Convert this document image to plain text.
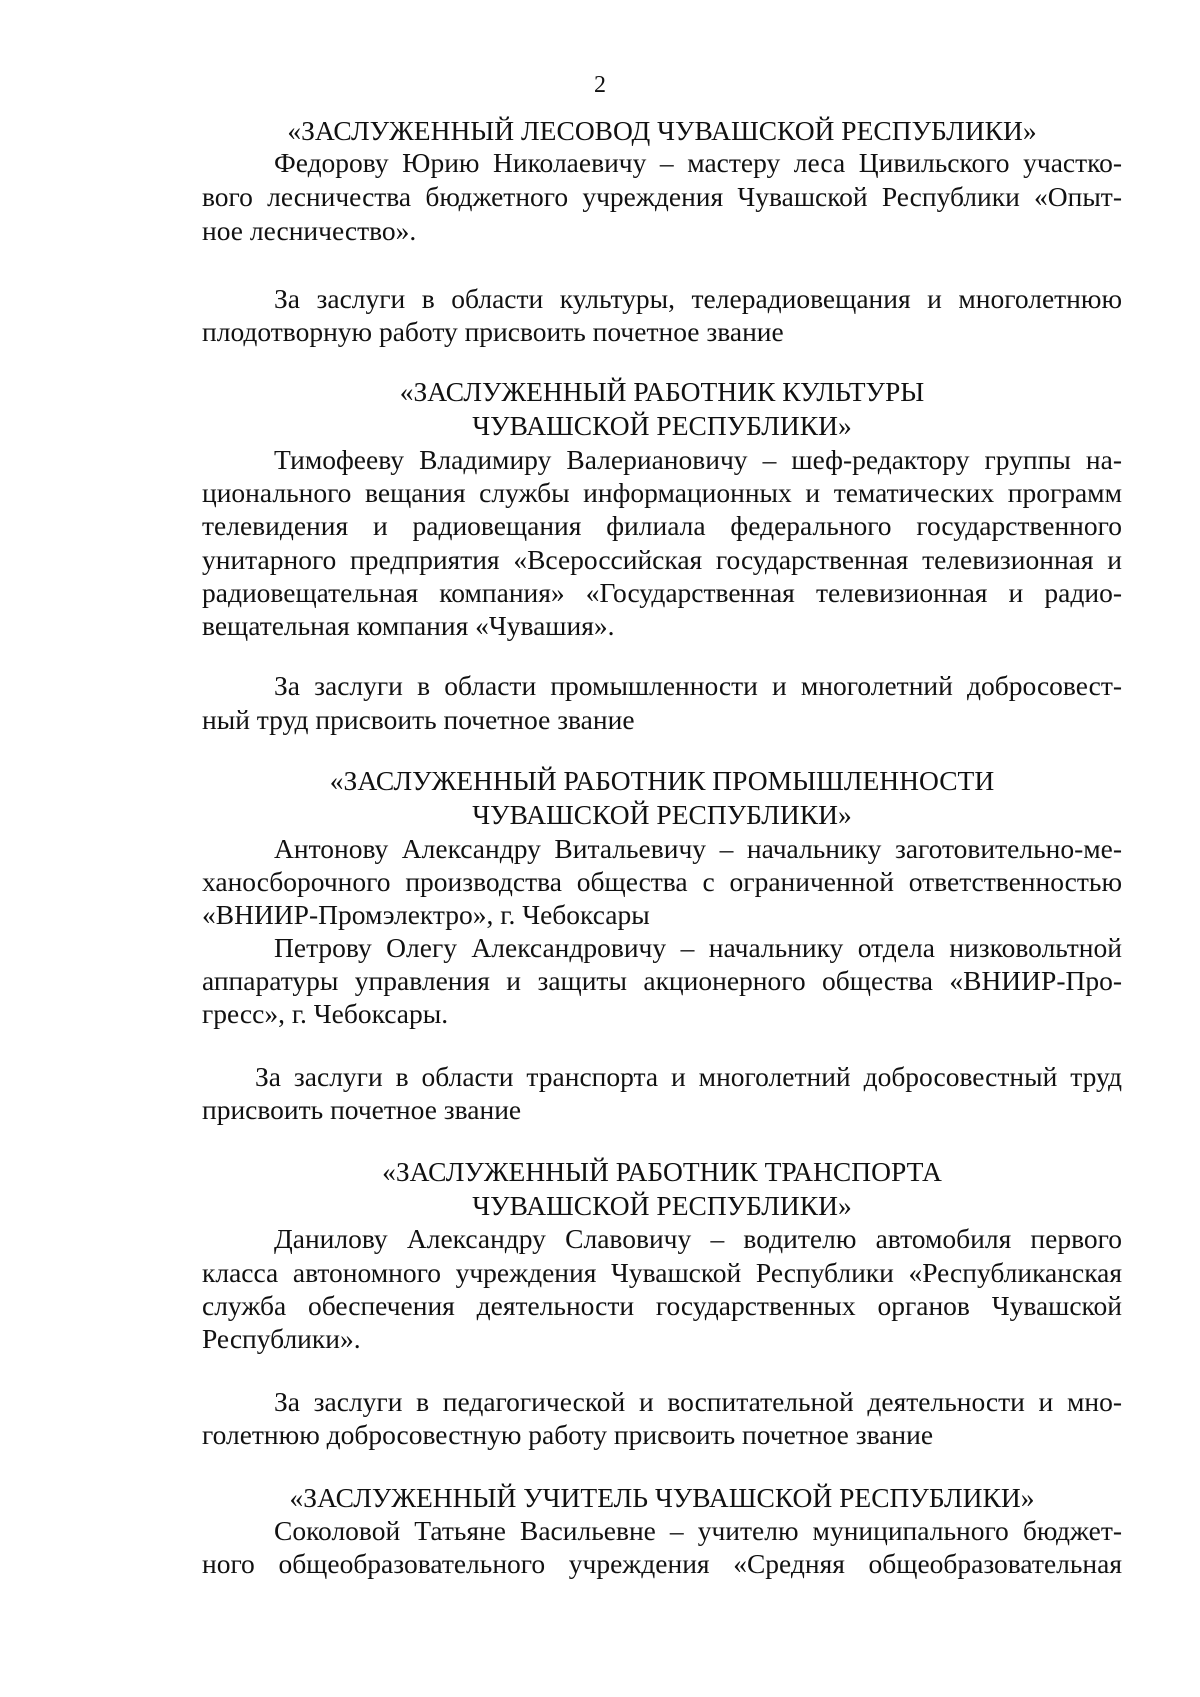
2
«ЗАСЛУЖЕННЫЙ ЛЕСОВОД ЧУВАШСКОЙ РЕСПУБЛИКИ»
Федорову Юрию Николаевичу – мастеру леса Цивильского участко-
вого лесничества бюджетного учреждения Чувашской Республики «Опыт-
ное лесничество».
За заслуги в области культуры, телерадиовещания и многолетнюю
плодотворную работу присвоить почетное звание
«ЗАСЛУЖЕННЫЙ РАБОТНИК КУЛЬТУРЫ
ЧУВАШСКОЙ РЕСПУБЛИКИ»
Тимофееву Владимиру Валериановичу – шеф-редактору группы на-
ционального вещания службы информационных и тематических программ
телевидения и радиовещания филиала федерального государственного
унитарного предприятия «Всероссийская государственная телевизионная и
радиовещательная компания» «Государственная телевизионная и радио-
вещательная компания «Чувашия».
За заслуги в области промышленности и многолетний добросовест-
ный труд присвоить почетное звание
«ЗАСЛУЖЕННЫЙ РАБОТНИК ПРОМЫШЛЕННОСТИ
ЧУВАШСКОЙ РЕСПУБЛИКИ»
Антонову Александру Витальевичу – начальнику заготовительно-ме-
ханосборочного производства общества с ограниченной ответственностью
«ВНИИР-Промэлектро», г. Чебоксары
Петрову Олегу Александровичу – начальнику отдела низковольтной
аппаратуры управления и защиты акционерного общества «ВНИИР-Про-
гресс», г. Чебоксары.
За заслуги в области транспорта и многолетний добросовестный труд
присвоить почетное звание
«ЗАСЛУЖЕННЫЙ РАБОТНИК ТРАНСПОРТА
ЧУВАШСКОЙ РЕСПУБЛИКИ»
Данилову Александру Славовичу – водителю автомобиля первого
класса автономного учреждения Чувашской Республики «Республиканская
служба обеспечения деятельности государственных органов Чувашской
Республики».
За заслуги в педагогической и воспитательной деятельности и мно-
голетнюю добросовестную работу присвоить почетное звание
«ЗАСЛУЖЕННЫЙ УЧИТЕЛЬ ЧУВАШСКОЙ РЕСПУБЛИКИ»
Соколовой Татьяне Васильевне – учителю муниципального бюджет-
ного общеобразовательного учреждения «Средняя общеобразовательная
